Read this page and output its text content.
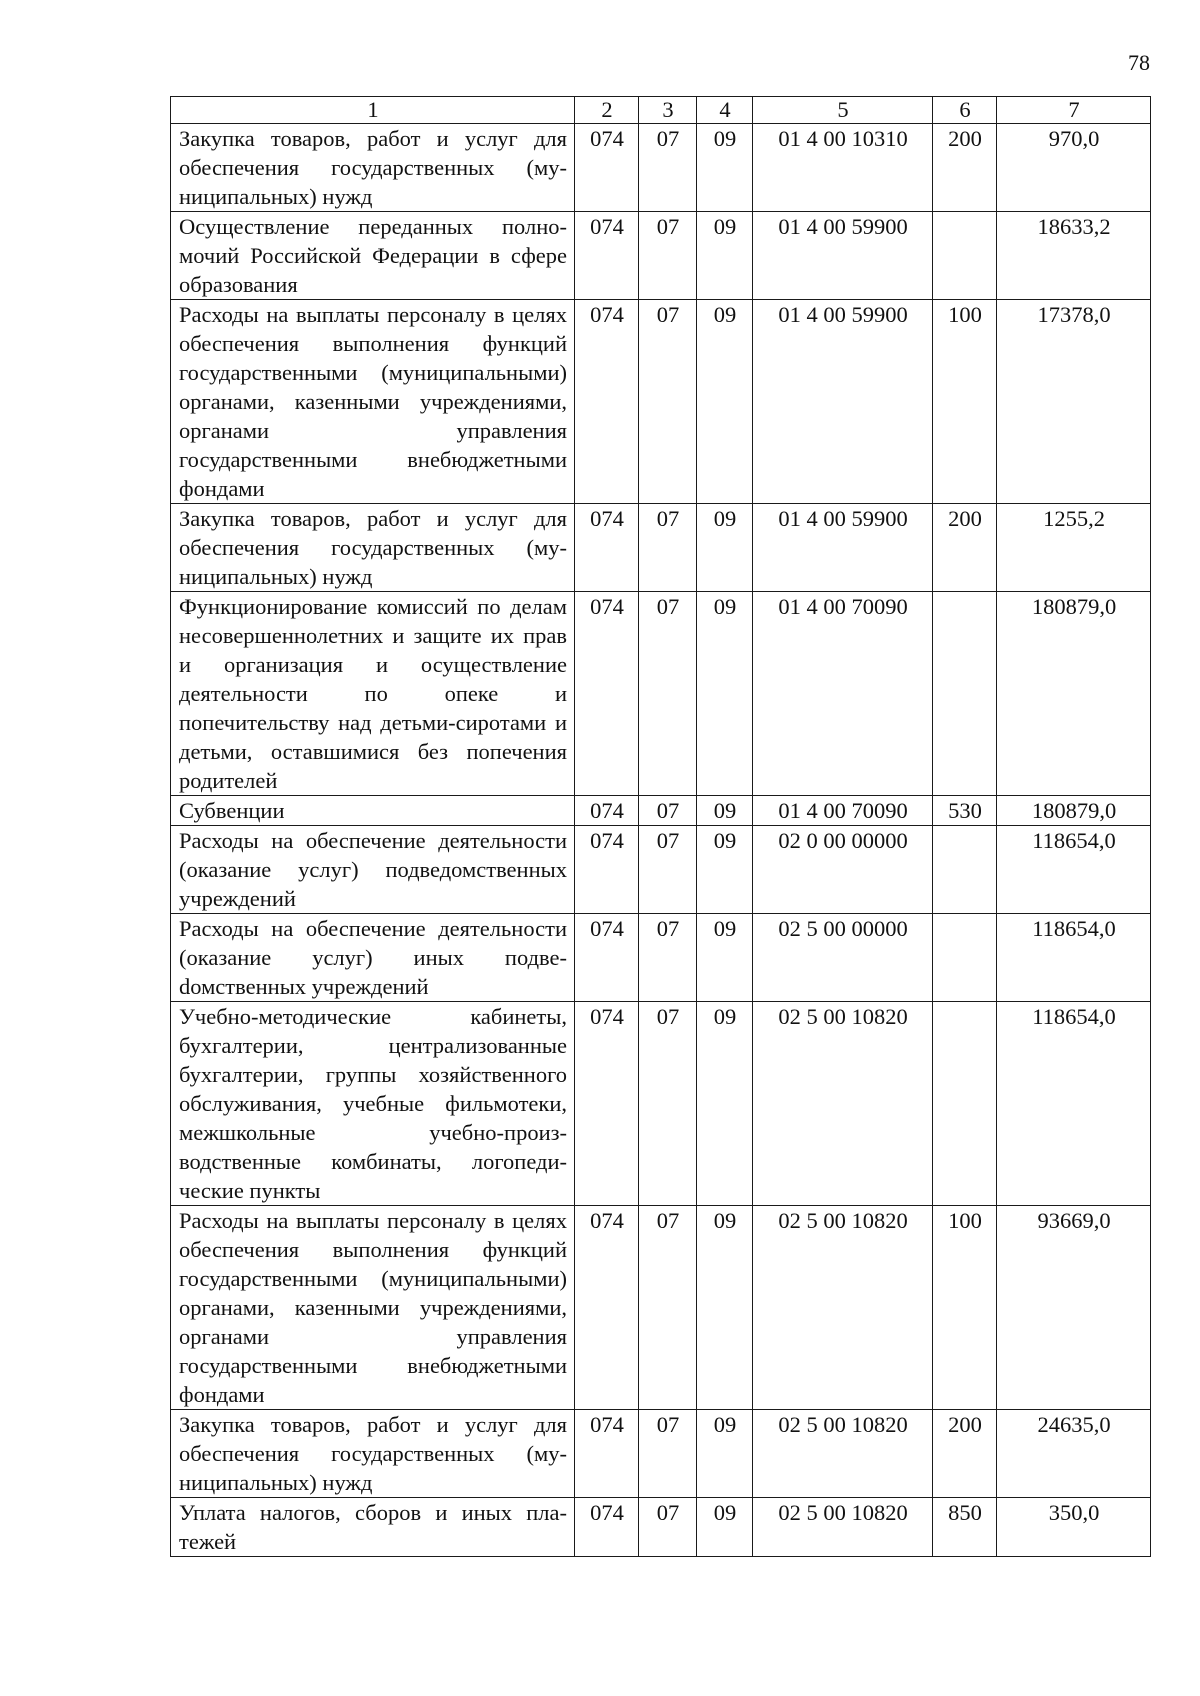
78
1	2	3	4	5	6	7
Закупка товаров, работ и услуг для обеспечения государственных (муниципальных) нужд	074	07	09	01 4 00 10310	200	970,0
Осуществление переданных полномочий Российской Федерации в сфере образования	074	07	09	01 4 00 59900		18633,2
Расходы на выплаты персоналу в целях обеспечения выполнения функций государственными (муниципальными) органами, казенными учреждениями, органами управления государственными внебюджетными фондами	074	07	09	01 4 00 59900	100	17378,0
Закупка товаров, работ и услуг для обеспечения государственных (муниципальных) нужд	074	07	09	01 4 00 59900	200	1255,2
Функционирование комиссий по делам несовершеннолетних и защите их прав и организация и осуществление деятельности по опеке и попечительству над детьми-сиротами и детьми, оставшимися без попечения родителей	074	07	09	01 4 00 70090		180879,0
Субвенции	074	07	09	01 4 00 70090	530	180879,0
Расходы на обеспечение деятельности (оказание услуг) подведомственных учреждений	074	07	09	02 0 00 00000		118654,0
Расходы на обеспечение деятельности (оказание услуг) иных подвеdомственных учреждений	074	07	09	02 5 00 00000		118654,0
Учебно-методические кабинеты, бухгалтерии, централизованные бухгалтерии, группы хозяйственного обслуживания, учебные фильмотеки, межшкольные учебно-производственные комбинаты, логопедические пункты	074	07	09	02 5 00 10820		118654,0
Расходы на выплаты персоналу в целях обеспечения выполнения функций государственными (муниципальными) органами, казенными учреждениями, органами управления государственными внебюджетными фондами	074	07	09	02 5 00 10820	100	93669,0
Закупка товаров, работ и услуг для обеспечения государственных (муниципальных) нужд	074	07	09	02 5 00 10820	200	24635,0
Уплата налогов, сборов и иных платежей	074	07	09	02 5 00 10820	850	350,0
